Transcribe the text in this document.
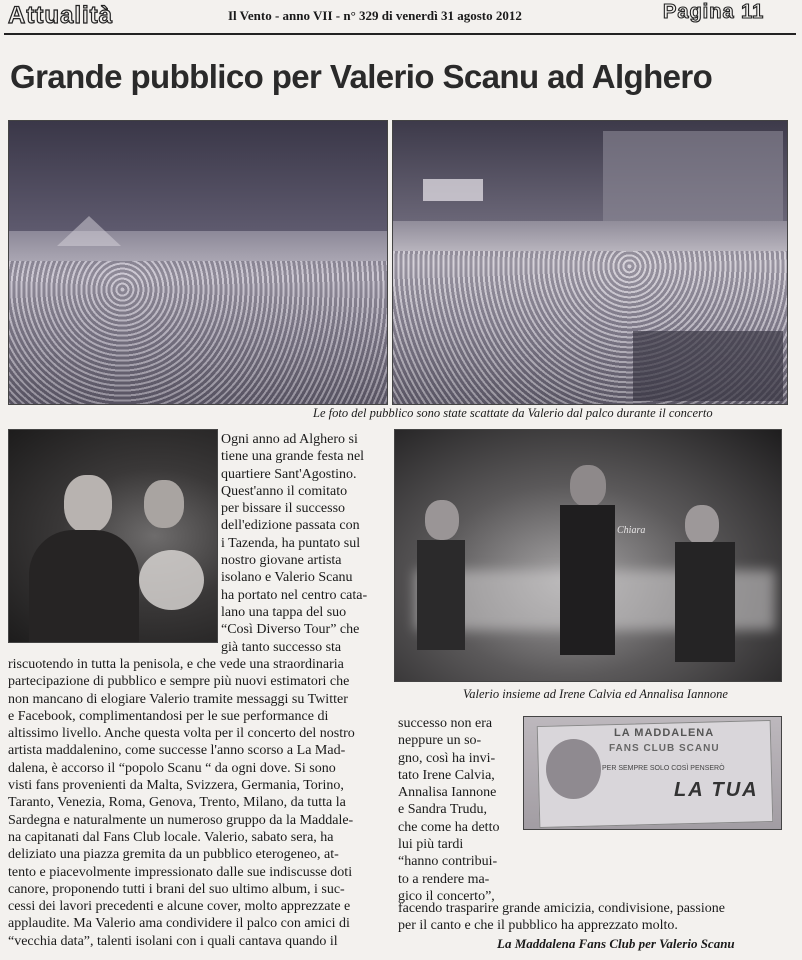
Attualità	Il Vento - anno VII - n° 329 di venerdì 31 agosto 2012	Pagina 11
Grande pubblico per Valerio Scanu ad Alghero
Le foto del pubblico sono state scattate da Valerio dal palco durante il concerto
Chiara
Valerio insieme ad Irene Calvia ed Annalisa Iannone
LA MADDALENA
FANS CLUB SCANU
PER SEMPRE SOLO COSÌ PENSERÒ
LA TUA
Ogni anno ad Alghero si
tiene una grande festa nel
quartiere Sant'Agostino.
Quest'anno il comitato
per bissare il successo
dell'edizione passata con
i Tazenda, ha puntato sul
nostro giovane artista
isolano e Valerio Scanu
ha portato nel centro cata-
lano una tappa del suo
“Così Diverso Tour” che
già tanto successo sta
riscuotendo in tutta la penisola, e che vede una straordinaria
partecipazione di pubblico e sempre più nuovi estimatori che
non mancano di elogiare Valerio tramite messaggi su Twitter
e Facebook, complimentandosi per le sue performance di
altissimo livello. Anche questa volta per il concerto del nostro
artista maddalenino, come successe l'anno scorso a La Mad-
dalena, è accorso il “popolo Scanu “ da ogni dove. Si sono
visti fans provenienti da Malta, Svizzera, Germania, Torino,
Taranto, Venezia, Roma, Genova, Trento, Milano, da tutta la
Sardegna e naturalmente un numeroso gruppo da la Maddale-
na capitanati dal Fans Club locale. Valerio, sabato sera, ha
deliziato una piazza gremita da un pubblico eterogeneo, at-
tento e piacevolmente impressionato dalle sue indiscusse doti
canore, proponendo tutti i brani del suo ultimo album, i suc-
cessi dei lavori precedenti e alcune cover, molto apprezzate e
applaudite. Ma Valerio ama condividere il palco con amici di
“vecchia data”, talenti isolani con i quali cantava quando il
successo non era
neppure un so-
gno, così ha invi-
tato Irene Calvia,
Annalisa Iannone
e Sandra Trudu,
che come ha detto
lui più tardi
“hanno contribui-
to a rendere ma-
gico il concerto”,
facendo trasparire grande amicizia, condivisione, passione
per il canto e che il pubblico ha apprezzato molto.
La Maddalena Fans Club per Valerio Scanu
